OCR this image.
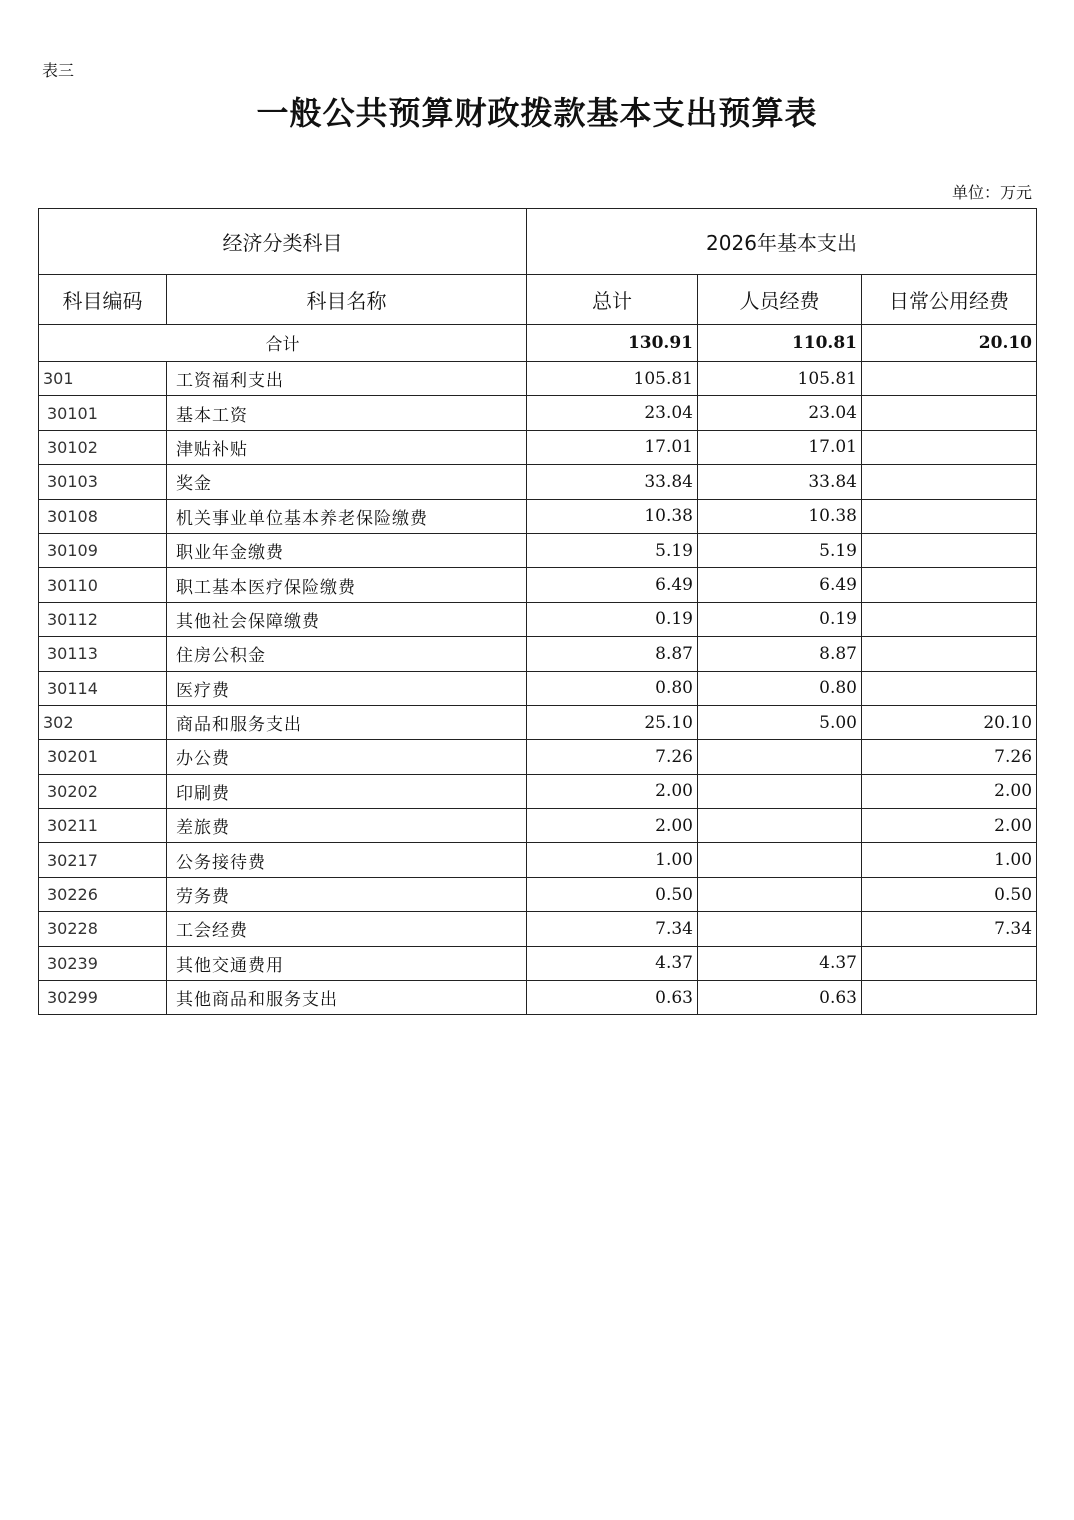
表三
一般公共预算财政拨款基本支出预算表
单位：万元
经济分类科目		2026年基本支出		
科目编码	科目名称	总计	人员经费	日常公用经费
合计		130.91	110.81	20.10
301	工资福利支出	105.81	105.81	
30101	基本工资	23.04	23.04	
30102	津贴补贴	17.01	17.01	
30103	奖金	33.84	33.84	
30108	机关事业单位基本养老保险缴费	10.38	10.38	
30109	职业年金缴费	5.19	5.19	
30110	职工基本医疗保险缴费	6.49	6.49	
30112	其他社会保障缴费	0.19	0.19	
30113	住房公积金	8.87	8.87	
30114	医疗费	0.80	0.80	
302	商品和服务支出	25.10	5.00	20.10
30201	办公费	7.26		7.26
30202	印刷费	2.00		2.00
30211	差旅费	2.00		2.00
30217	公务接待费	1.00		1.00
30226	劳务费	0.50		0.50
30228	工会经费	7.34		7.34
30239	其他交通费用	4.37	4.37	
30299	其他商品和服务支出	0.63	0.63	
